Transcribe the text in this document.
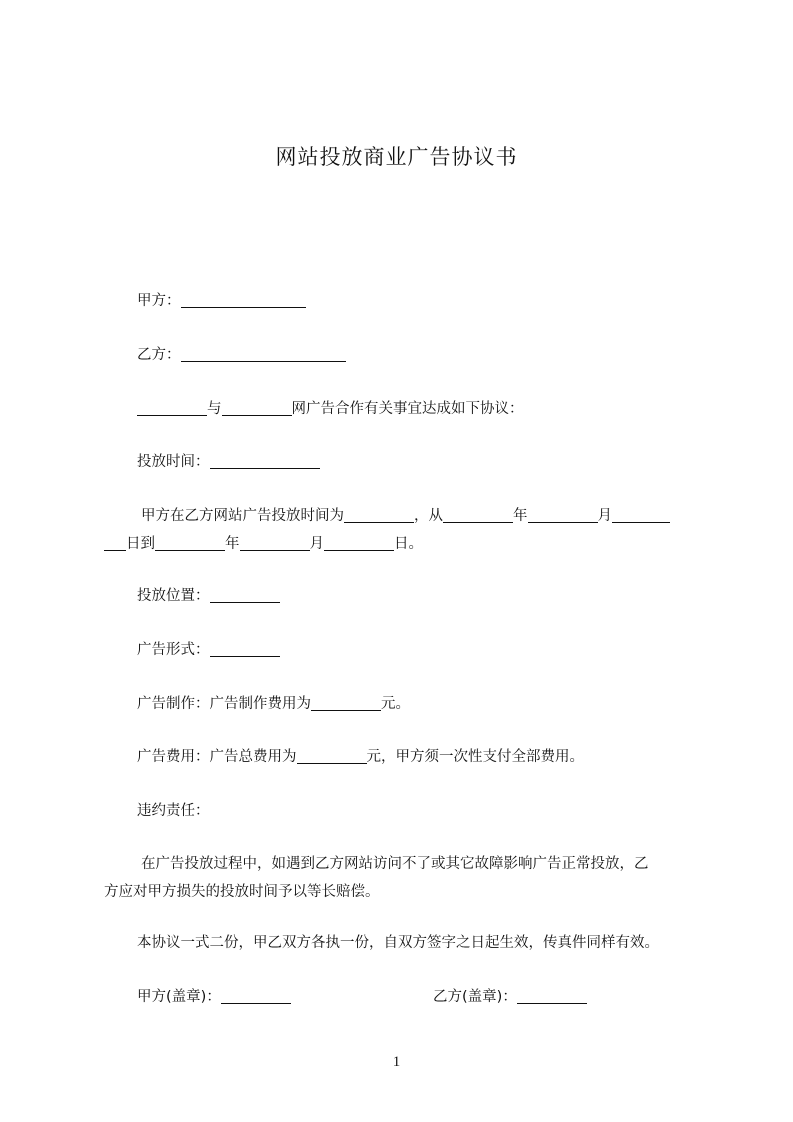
网站投放商业广告协议书
甲方：
乙方：
与	网广告合作有关事宜达成如下协议：
投放时间：
甲方在乙方网站广告投放时间为	，从	年	月
日到	年	月	日。
投放位置：
广告形式：
广告制作：广告制作费用为	元。
广告费用：广告总费用为	元，甲方须一次性支付全部费用。
违约责任：
在广告投放过程中，如遇到乙方网站访问不了或其它故障影响广告正常投放，乙
方应对甲方损失的投放时间予以等长赔偿。
本协议一式二份，甲乙双方各执一份，自双方签字之日起生效，传真件同样有效。
甲方(盖章)：	乙方(盖章)：
1
